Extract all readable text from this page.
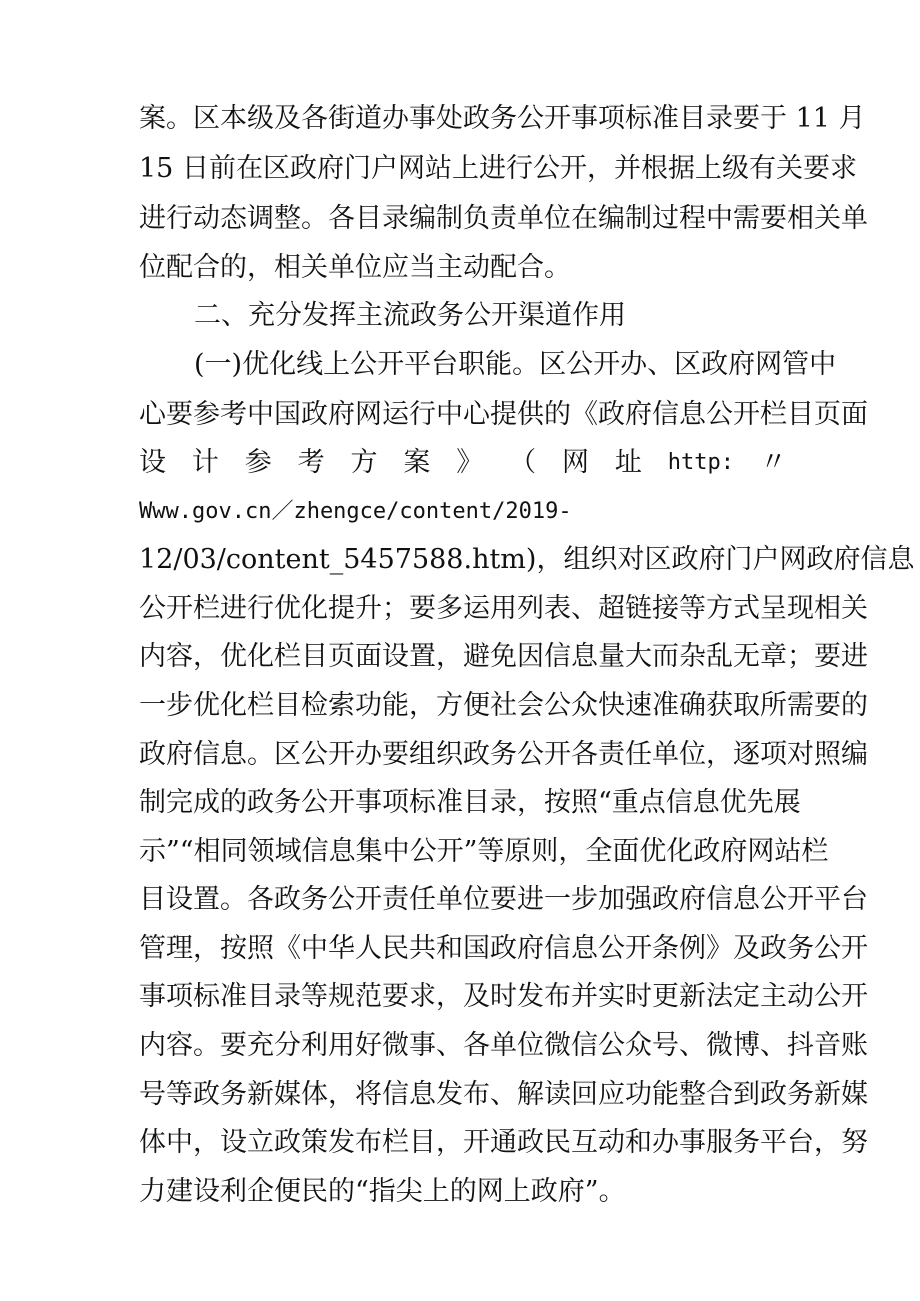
案。区本级及各街道办事处政务公开事项标准目录要于 11 月
15 日前在区政府门户网站上进行公开，并根据上级有关要求
进行动态调整。各目录编制负责单位在编制过程中需要相关单
位配合的，相关单位应当主动配合。
二、充分发挥主流政务公开渠道作用
(一)优化线上公开平台职能。区公开办、区政府网管中
心要参考中国政府网运行中心提供的《政府信息公开栏目页面
设 计 参 考 方 案 》 （ 网 址 http: 〃
Www.gov.cn／zhengce/content/2019-
12/03/content_5457588.htm)，组织对区政府门户网政府信息
公开栏进行优化提升；要多运用列表、超链接等方式呈现相关
内容，优化栏目页面设置，避免因信息量大而杂乱无章；要进
一步优化栏目检索功能，方便社会公众快速准确获取所需要的
政府信息。区公开办要组织政务公开各责任单位，逐项对照编
制完成的政务公开事项标准目录，按照“重点信息优先展
示”“相同领域信息集中公开”等原则，全面优化政府网站栏
目设置。各政务公开责任单位要进一步加强政府信息公开平台
管理，按照《中华人民共和国政府信息公开条例》及政务公开
事项标准目录等规范要求，及时发布并实时更新法定主动公开
内容。要充分利用好微事、各单位微信公众号、微博、抖音账
号等政务新媒体，将信息发布、解读回应功能整合到政务新媒
体中，设立政策发布栏目，开通政民互动和办事服务平台，努
力建设利企便民的“指尖上的网上政府”。
